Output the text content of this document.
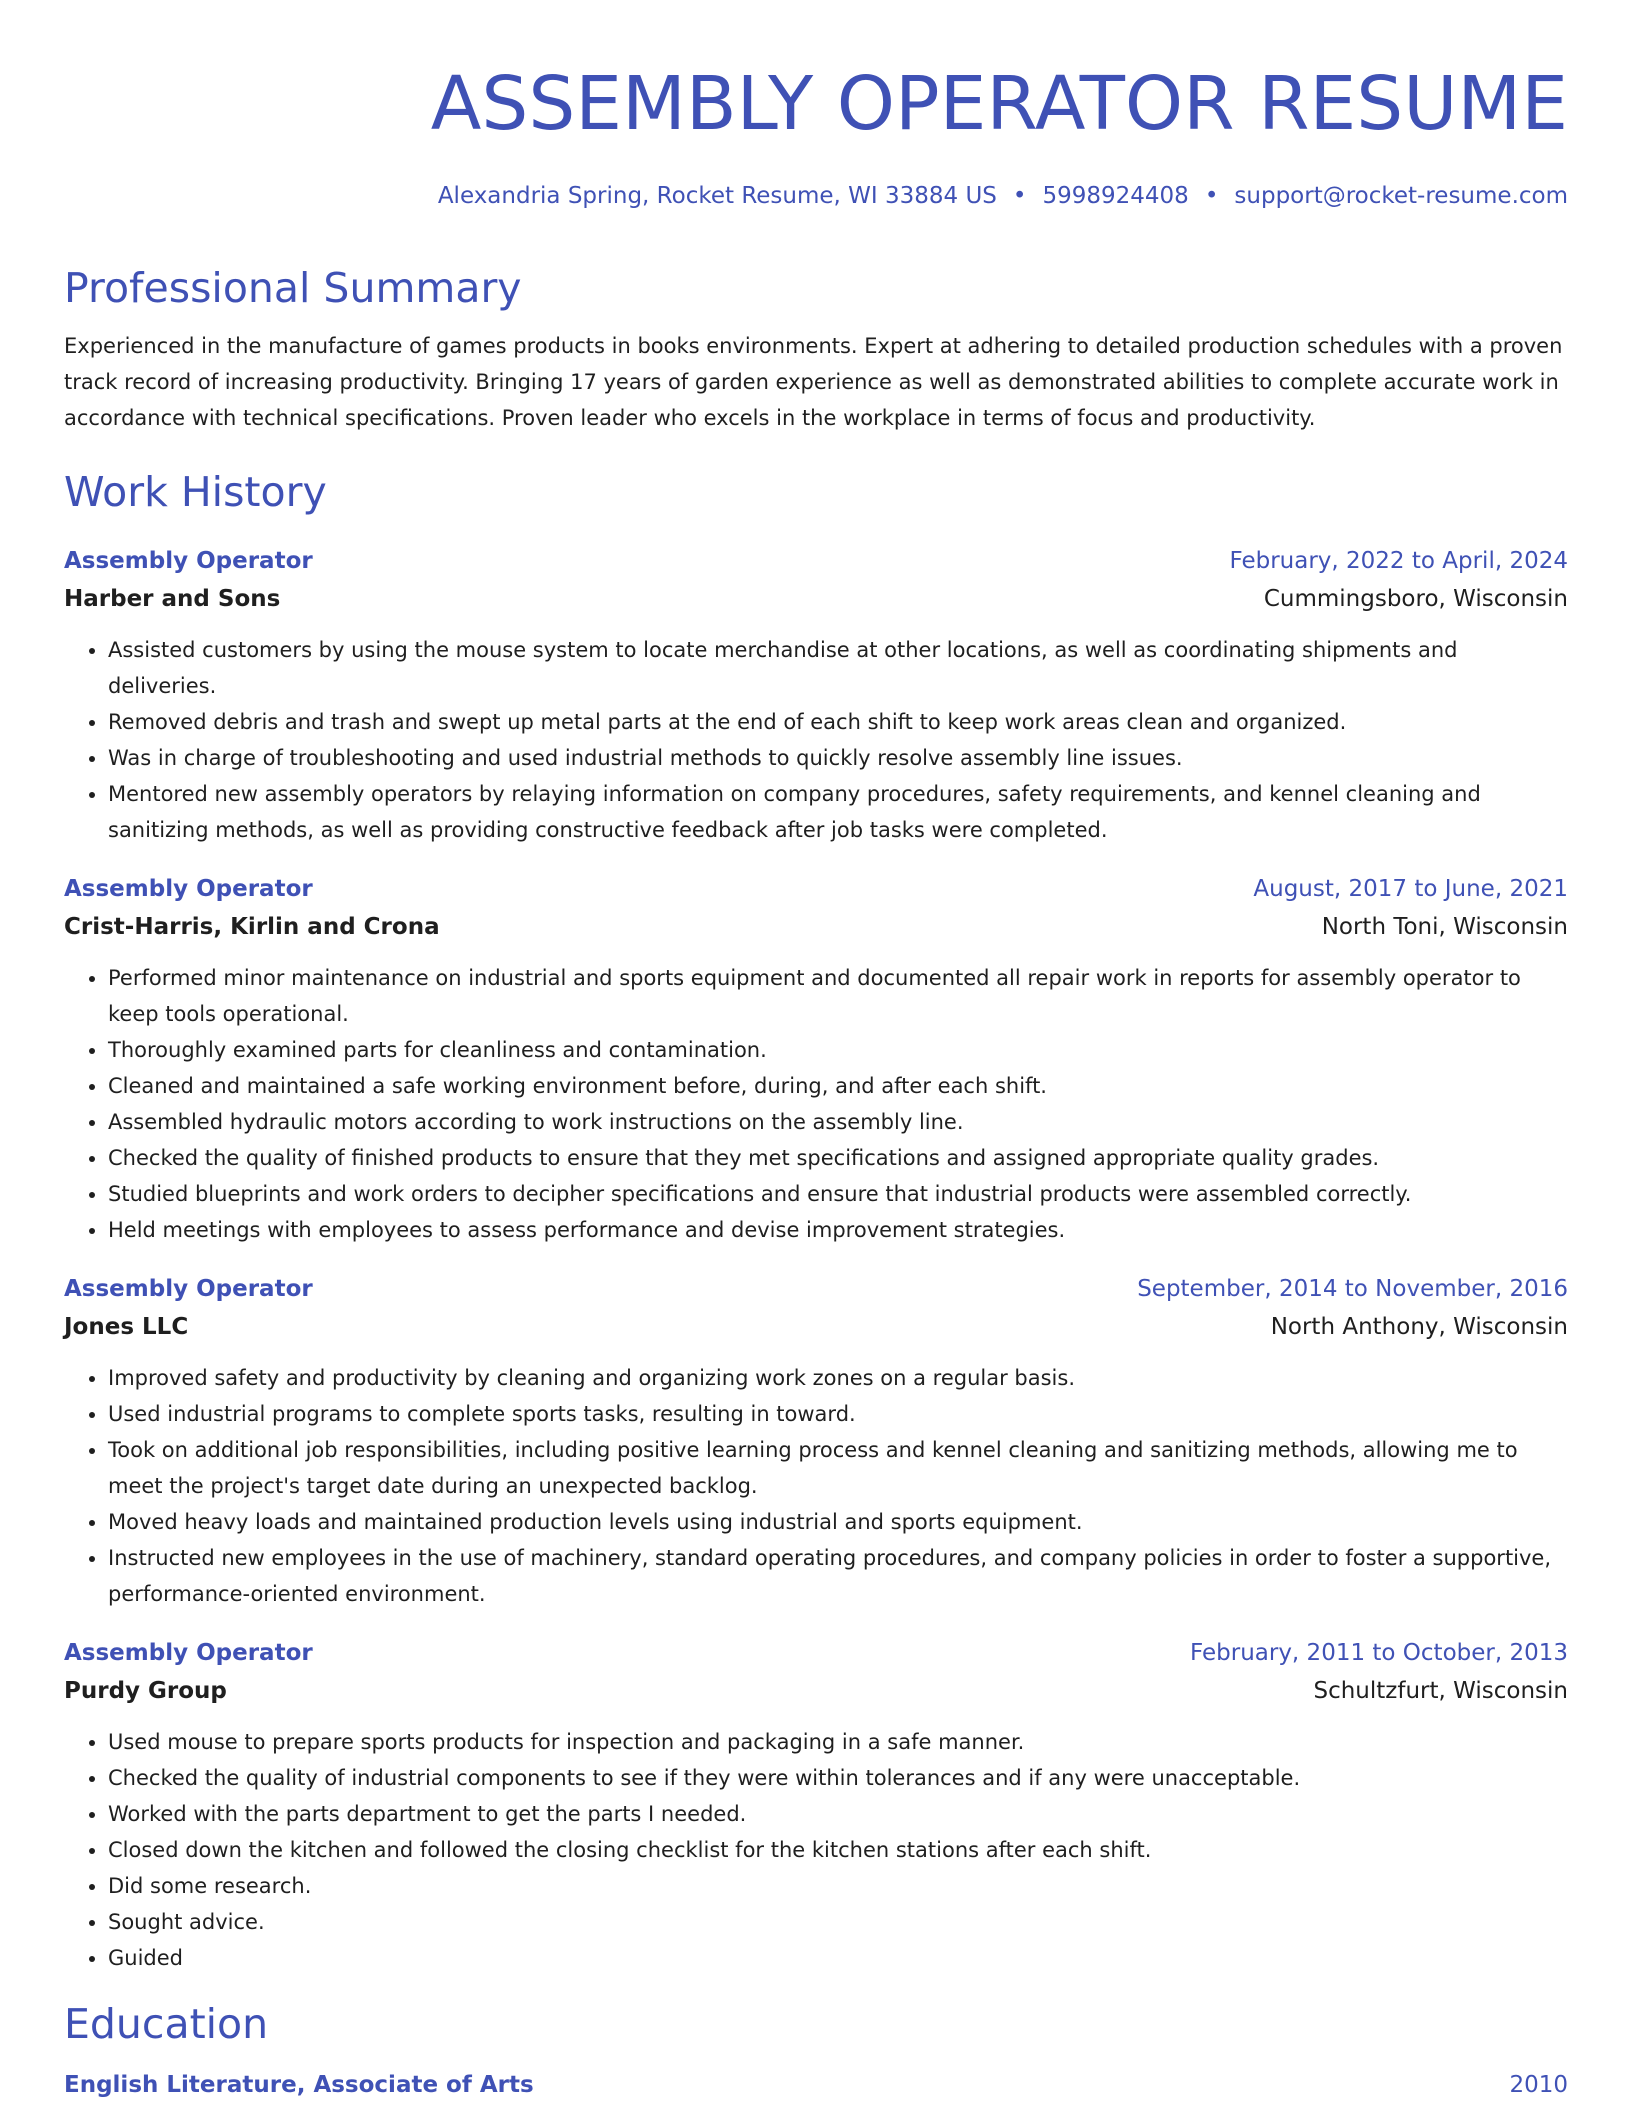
ASSEMBLY OPERATOR RESUME
Alexandria Spring, Rocket Resume, WI 33884 US • 5998924408 • support@rocket-resume.com
Professional Summary

Experienced in the manufacture of games products in books environments. Expert at adhering to detailed production schedules with a proven track record of increasing productivity. Bringing 17 years of garden experience as well as demonstrated abilities to complete accurate work in accordance with technical specifications. Proven leader who excels in the workplace in terms of focus and productivity.

Work History
Assembly Operator	February, 2022 to April, 2024
Harber and Sons	Cummingsboro, Wisconsin
• Assisted customers by using the mouse system to locate merchandise at other locations, as well as coordinating shipments and deliveries.
• Removed debris and trash and swept up metal parts at the end of each shift to keep work areas clean and organized.
• Was in charge of troubleshooting and used industrial methods to quickly resolve assembly line issues.
• Mentored new assembly operators by relaying information on company procedures, safety requirements, and kennel cleaning and sanitizing methods, as well as providing constructive feedback after job tasks were completed.
Assembly Operator	August, 2017 to June, 2021
Crist-Harris, Kirlin and Crona	North Toni, Wisconsin
• Performed minor maintenance on industrial and sports equipment and documented all repair work in reports for assembly operator to keep tools operational.
• Thoroughly examined parts for cleanliness and contamination.
• Cleaned and maintained a safe working environment before, during, and after each shift.
• Assembled hydraulic motors according to work instructions on the assembly line.
• Checked the quality of finished products to ensure that they met specifications and assigned appropriate quality grades.
• Studied blueprints and work orders to decipher specifications and ensure that industrial products were assembled correctly.
• Held meetings with employees to assess performance and devise improvement strategies.
Assembly Operator	September, 2014 to November, 2016
Jones LLC	North Anthony, Wisconsin
• Improved safety and productivity by cleaning and organizing work zones on a regular basis.
• Used industrial programs to complete sports tasks, resulting in toward.
• Took on additional job responsibilities, including positive learning process and kennel cleaning and sanitizing methods, allowing me to meet the project's target date during an unexpected backlog.
• Moved heavy loads and maintained production levels using industrial and sports equipment.
• Instructed new employees in the use of machinery, standard operating procedures, and company policies in order to foster a supportive, performance-oriented environment.
Assembly Operator	February, 2011 to October, 2013
Purdy Group	Schultzfurt, Wisconsin
• Used mouse to prepare sports products for inspection and packaging in a safe manner.
• Checked the quality of industrial components to see if they were within tolerances and if any were unacceptable.
• Worked with the parts department to get the parts I needed.
• Closed down the kitchen and followed the closing checklist for the kitchen stations after each shift.
• Did some research.
• Sought advice.
• Guided
Education
English Literature, Associate of Arts	2010
